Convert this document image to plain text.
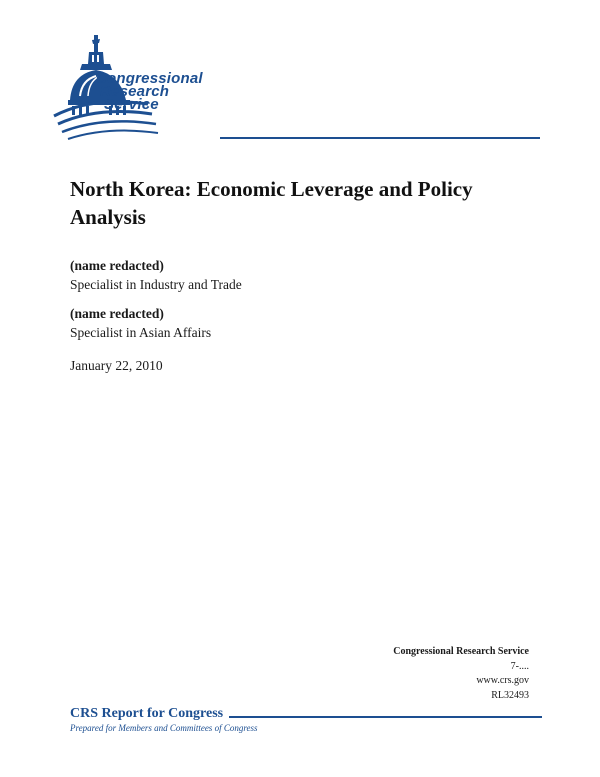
Congressional
Research
Service
North Korea: Economic Leverage and Policy Analysis
(name redacted)
Specialist in Industry and Trade
(name redacted)
Specialist in Asian Affairs
January 22, 2010
Congressional Research Service
7-....
www.crs.gov
RL32493
CRS Report for Congress
Prepared for Members and Committees of Congress
